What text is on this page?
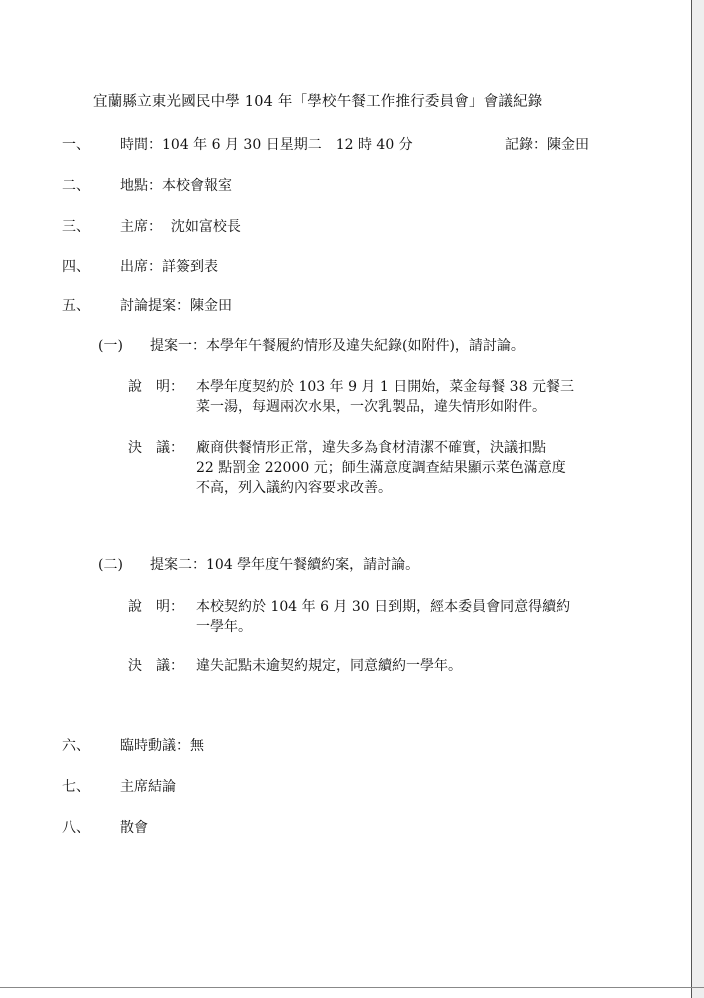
宜蘭縣立東光國民中學 104 年「學校午餐工作推行委員會」會議紀錄
一、 時間：104 年 6 月 30 日星期二　12 時 40 分	記錄：陳金田
二、 地點：本校會報室
三、 主席：  沈如富校長
四、 出席：詳簽到表
五、 討論提案：陳金田
(一) 提案一：本學年午餐履約情形及違失紀錄(如附件)，請討論。
說　明： 本學年度契約於 103 年 9 月 1 日開始，菜金每餐 38 元餐三
菜一湯，每週兩次水果，一次乳製品，違失情形如附件。
決　議： 廠商供餐情形正常，違失多為食材清潔不確實，決議扣點
22 點罰金 22000 元；師生滿意度調查結果顯示菜色滿意度
不高，列入議約內容要求改善。
(二) 提案二：104 學年度午餐續約案，請討論。
說　明： 本校契約於 104 年 6 月 30 日到期，經本委員會同意得續約
一學年。
決　議： 違失記點未逾契約規定，同意續約一學年。
六、 臨時動議：無
七、 主席結論
八、 散會
